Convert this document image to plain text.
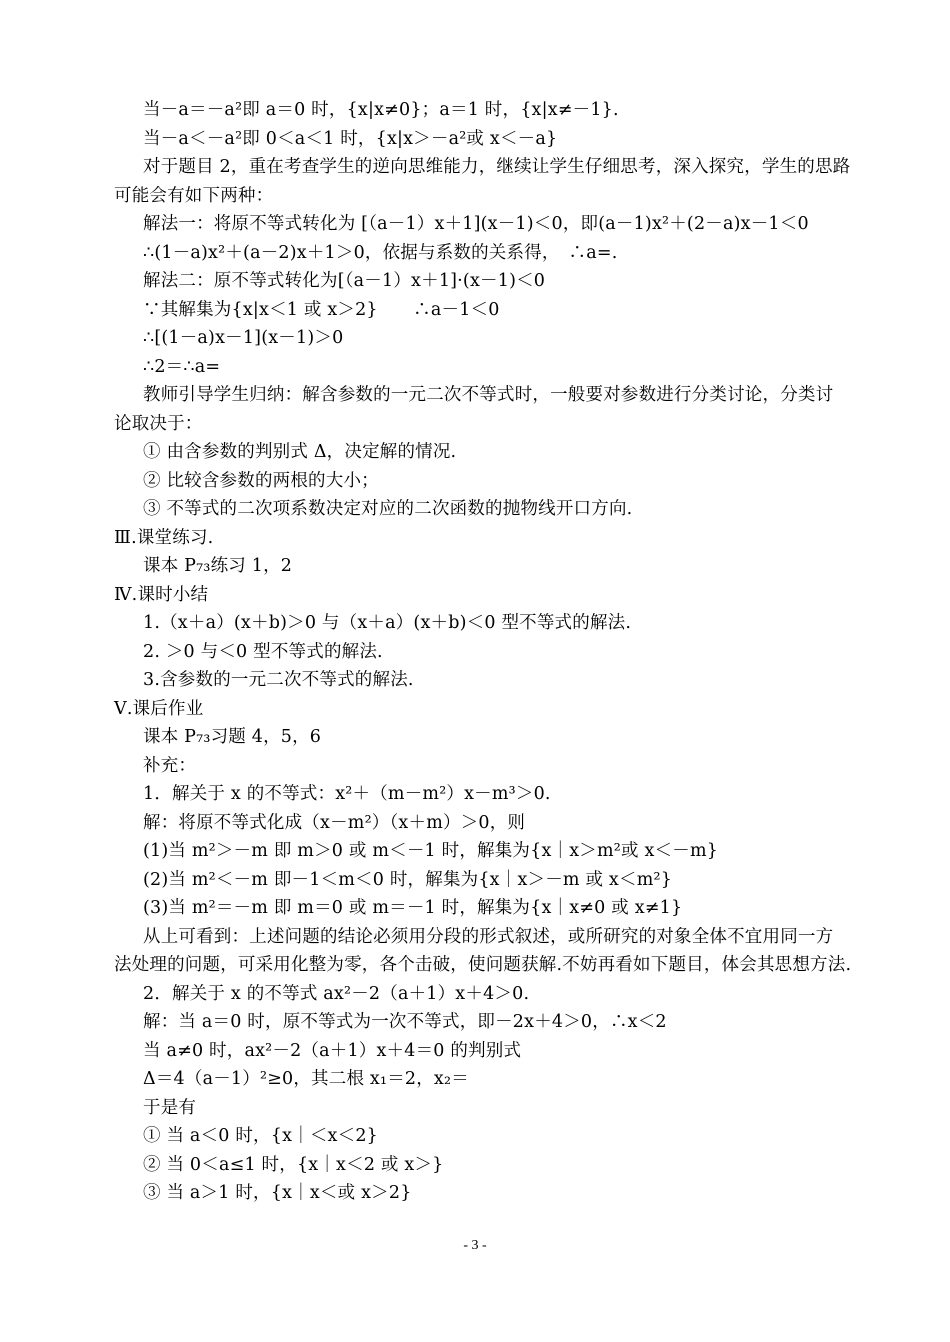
- 3 -
当－a＝－a²即 a＝0 时，{x|x≠0}；a＝1 时，{x|x≠－1}.
当－a＜－a²即 0＜a＜1 时，{x|x＞－a²或 x＜－a}
对于题目 2，重在考查学生的逆向思维能力，继续让学生仔细思考，深入探究，学生的思路
可能会有如下两种：
解法一：将原不等式转化为 [（a－1）x＋1](x－1)＜0，即(a－1)x²＋(2－a)x－1＜0
∴(1－a)x²＋(a－2)x＋1＞0，依据与系数的关系得，　∴a=.
解法二：原不等式转化为[（a－1）x＋1]·(x－1)＜0
∵其解集为{x|x＜1 或 x＞2}　　∴a－1＜0
∴[(1－a)x－1](x－1)＞0
∴2＝∴a=
教师引导学生归纳：解含参数的一元二次不等式时，一般要对参数进行分类讨论，分类讨
论取决于：
① 由含参数的判别式 Δ，决定解的情况.
② 比较含参数的两根的大小；
③ 不等式的二次项系数决定对应的二次函数的抛物线开口方向.
Ⅲ.课堂练习.
课本 P₇₃练习 1，2
Ⅳ.课时小结
1.（x＋a）(x＋b)＞0 与（x＋a）(x＋b)＜0 型不等式的解法.
2. ＞0 与＜0 型不等式的解法.
3.含参数的一元二次不等式的解法.
Ⅴ.课后作业
课本 P₇₃习题 4，5，6
补充：
1．解关于 x 的不等式：x²＋（m－m²）x－m³＞0.
解：将原不等式化成（x－m²）（x＋m）＞0，则
(1)当 m²＞－m 即 m＞0 或 m＜－1 时，解集为{x｜x＞m²或 x＜－m}
(2)当 m²＜－m 即－1＜m＜0 时，解集为{x｜x＞－m 或 x＜m²}
(3)当 m²＝－m 即 m＝0 或 m＝－1 时，解集为{x｜x≠0 或 x≠1}
从上可看到：上述问题的结论必须用分段的形式叙述，或所研究的对象全体不宜用同一方
法处理的问题，可采用化整为零，各个击破，使问题获解.不妨再看如下题目，体会其思想方法.
2．解关于 x 的不等式 ax²－2（a＋1）x＋4＞0.
解：当 a＝0 时，原不等式为一次不等式，即－2x＋4＞0，∴x＜2
当 a≠0 时，ax²－2（a＋1）x＋4＝0 的判别式
Δ＝4（a－1）²≥0，其二根 x₁＝2，x₂＝
于是有
① 当 a＜0 时，{x｜＜x＜2}
② 当 0＜a≤1 时，{x｜x＜2 或 x＞}
③ 当 a＞1 时，{x｜x＜或 x＞2}
